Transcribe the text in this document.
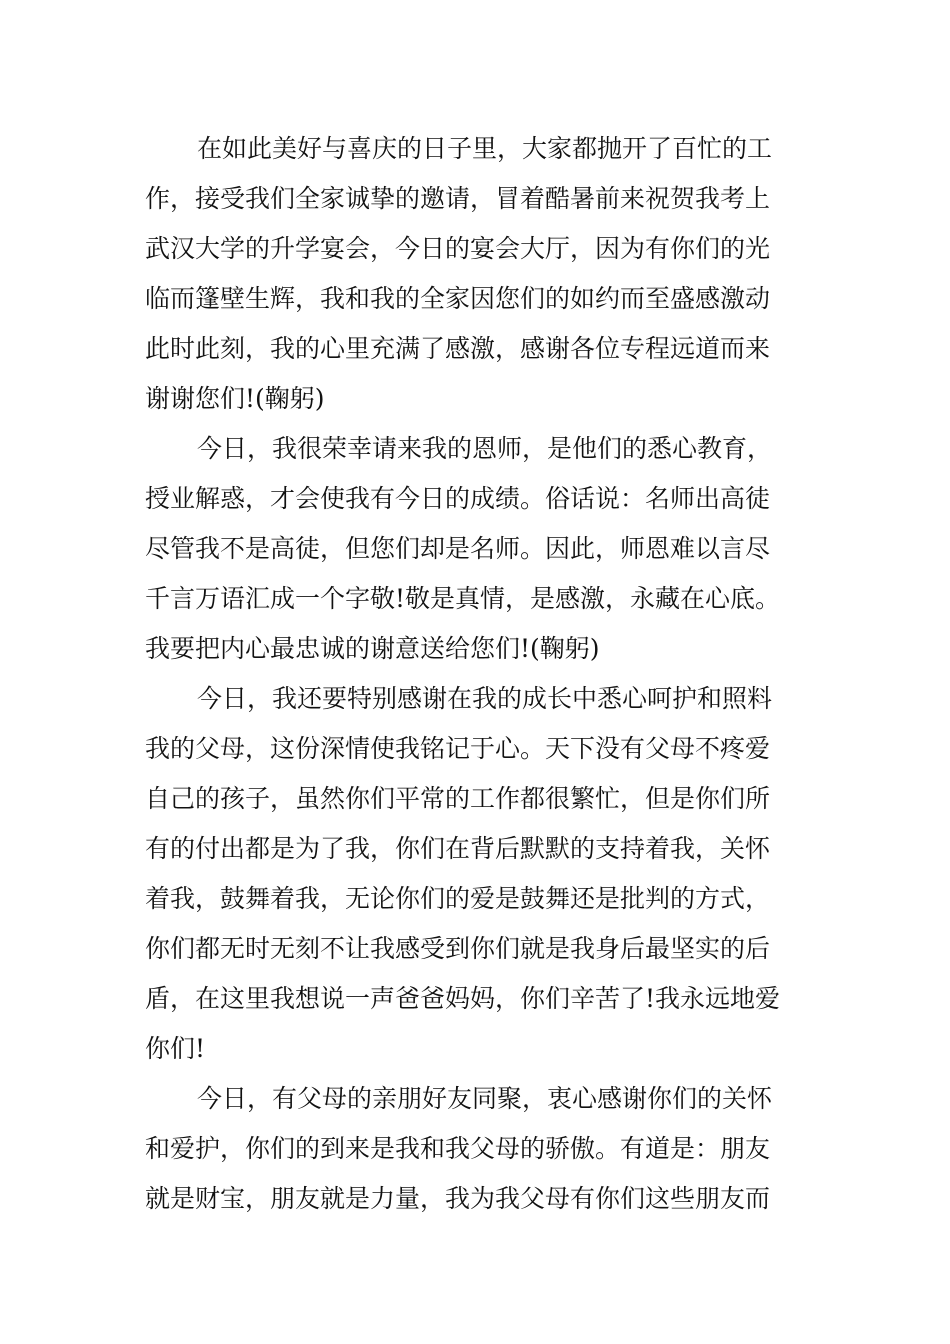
在如此美好与喜庆的日子里，大家都抛开了百忙的工
作，接受我们全家诚挚的邀请，冒着酷暑前来祝贺我考上
武汉大学的升学宴会，今日的宴会大厅，因为有你们的光
临而篷壁生辉，我和我的全家因您们的如约而至盛感激动
此时此刻，我的心里充满了感激，感谢各位专程远道而来
谢谢您们!(鞠躬)
今日，我很荣幸请来我的恩师，是他们的悉心教育，
授业解惑，才会使我有今日的成绩。俗话说：名师出高徒
尽管我不是高徒，但您们却是名师。因此，师恩难以言尽
千言万语汇成一个字敬!敬是真情，是感激，永藏在心底。
我要把内心最忠诚的谢意送给您们!(鞠躬)
今日，我还要特别感谢在我的成长中悉心呵护和照料
我的父母，这份深情使我铭记于心。天下没有父母不疼爱
自己的孩子，虽然你们平常的工作都很繁忙，但是你们所
有的付出都是为了我，你们在背后默默的支持着我，关怀
着我，鼓舞着我，无论你们的爱是鼓舞还是批判的方式，
你们都无时无刻不让我感受到你们就是我身后最坚实的后
盾，在这里我想说一声爸爸妈妈，你们辛苦了!我永远地爱
你们!
今日，有父母的亲朋好友同聚，衷心感谢你们的关怀
和爱护，你们的到来是我和我父母的骄傲。有道是：朋友
就是财宝，朋友就是力量，我为我父母有你们这些朋友而
